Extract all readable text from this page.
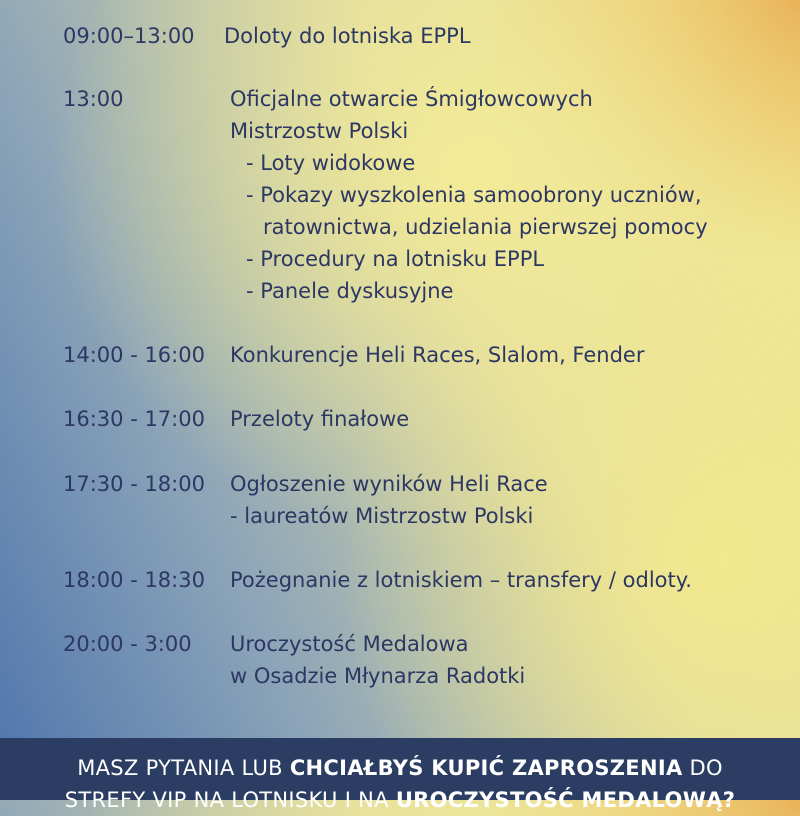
09:00–13:00 Doloty do lotniska EPPL
13:00	Oficjalne otwarcie Śmigłowcowych
Mistrzostw Polski
- Loty widokowe
- Pokazy wyszkolenia samoobrony uczniów,
ratownictwa, udzielania pierwszej pomocy
- Procedury na lotnisku EPPL
- Panele dyskusyjne
14:00 - 16:00 Konkurencje Heli Races, Slalom, Fender
16:30 - 17:00 Przeloty finałowe
17:30 - 18:00 Ogłoszenie wyników Heli Race
- laureatów Mistrzostw Polski
18:00 - 18:30 Pożegnanie z lotniskiem – transfery / odloty.
20:00 - 3:00 Uroczystość Medalowa
w Osadzie Młynarza Radotki
MASZ PYTANIA LUB CHCIAŁBYŚ KUPIĆ ZAPROSZENIA DO
STREFY VIP NA LOTNISKU I NA UROCZYSTOŚĆ MEDALOWĄ?
